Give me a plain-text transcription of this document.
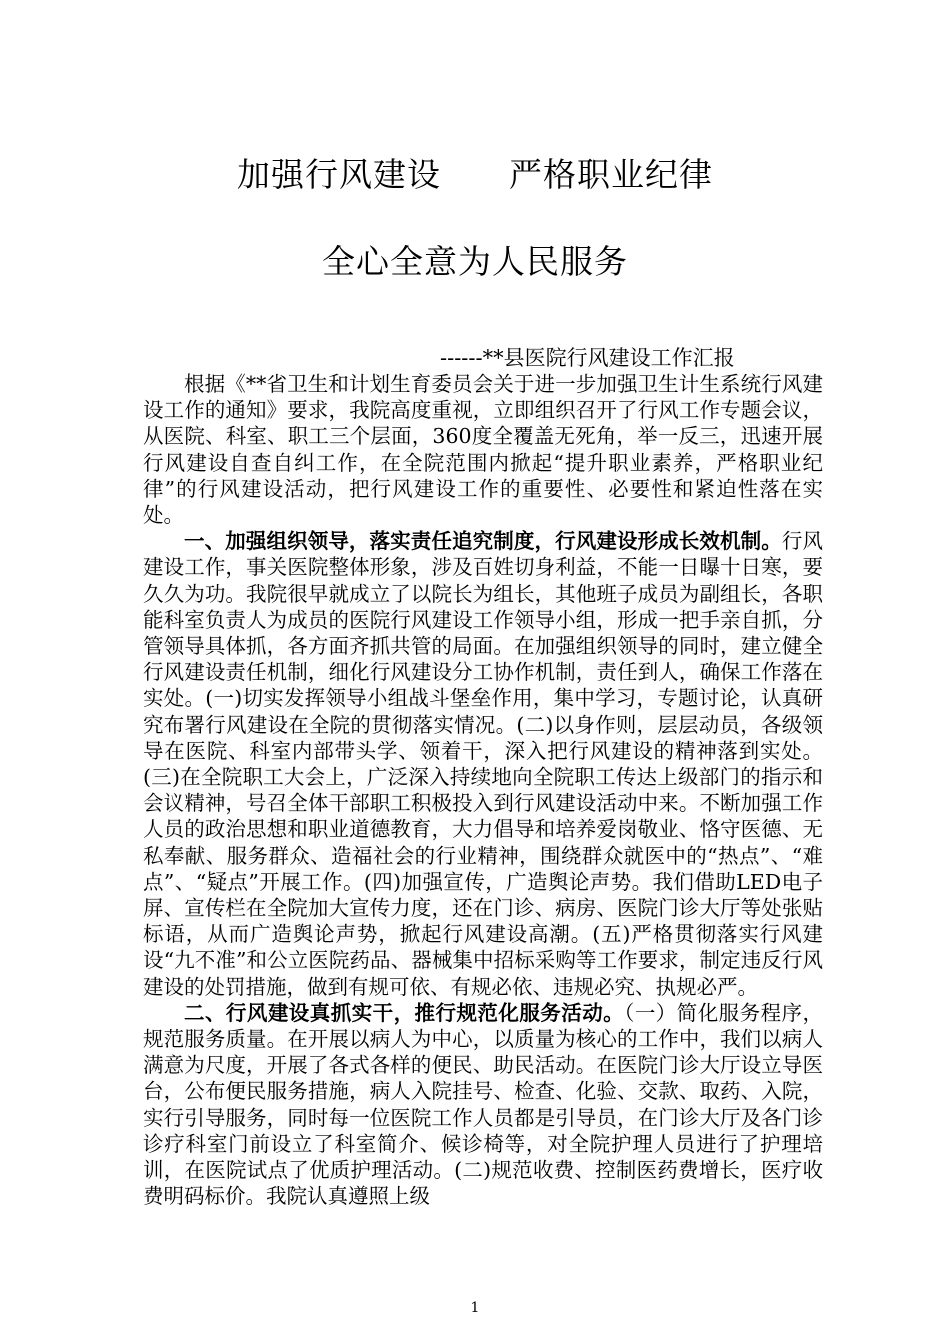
加强行风建设　　严格职业纪律
全心全意为人民服务
------**县医院行风建设工作汇报

根据《**省卫生和计划生育委员会关于进一步加强卫生计生系统行风建设工作的通知》要求，我院高度重视，立即组织召开了行风工作专题会议，从医院、科室、职工三个层面，360度全覆盖无死角，举一反三，迅速开展行风建设自查自纠工作，在全院范围内掀起“提升职业素养，严格职业纪律”的行风建设活动，把行风建设工作的重要性、必要性和紧迫性落在实处。

一、加强组织领导，落实责任追究制度，行风建设形成长效机制。行风建设工作，事关医院整体形象，涉及百姓切身利益，不能一日曝十日寒，要久久为功。我院很早就成立了以院长为组长，其他班子成员为副组长，各职能科室负责人为成员的医院行风建设工作领导小组，形成一把手亲自抓，分管领导具体抓，各方面齐抓共管的局面。在加强组织领导的同时，建立健全行风建设责任机制，细化行风建设分工协作机制，责任到人，确保工作落在实处。(一)切实发挥领导小组战斗堡垒作用，集中学习，专题讨论，认真研究布署行风建设在全院的贯彻落实情况。(二)以身作则，层层动员，各级领导在医院、科室内部带头学、领着干，深入把行风建设的精神落到实处。(三)在全院职工大会上，广泛深入持续地向全院职工传达上级部门的指示和会议精神，号召全体干部职工积极投入到行风建设活动中来。不断加强工作人员的政治思想和职业道德教育，大力倡导和培养爱岗敬业、恪守医德、无私奉献、服务群众、造福社会的行业精神，围绕群众就医中的“热点”、“难点”、“疑点”开展工作。(四)加强宣传，广造舆论声势。我们借助LED电子屏、宣传栏在全院加大宣传力度，还在门诊、病房、医院门诊大厅等处张贴标语，从而广造舆论声势，掀起行风建设高潮。(五)严格贯彻落实行风建设“九不准”和公立医院药品、器械集中招标采购等工作要求，制定违反行风建设的处罚措施，做到有规可依、有规必依、违规必究、执规必严。

二、行风建设真抓实干，推行规范化服务活动。（一）简化服务程序，规范服务质量。在开展以病人为中心，以质量为核心的工作中，我们以病人满意为尺度，开展了各式各样的便民、助民活动。在医院门诊大厅设立导医台，公布便民服务措施，病人入院挂号、检查、化验、交款、取药、入院，实行引导服务，同时每一位医院工作人员都是引导员，在门诊大厅及各门诊诊疗科室门前设立了科室简介、候诊椅等，对全院护理人员进行了护理培训，在医院试点了优质护理活动。(二)规范收费、控制医药费增长，医疗收费明码标价。我院认真遵照上级

1
